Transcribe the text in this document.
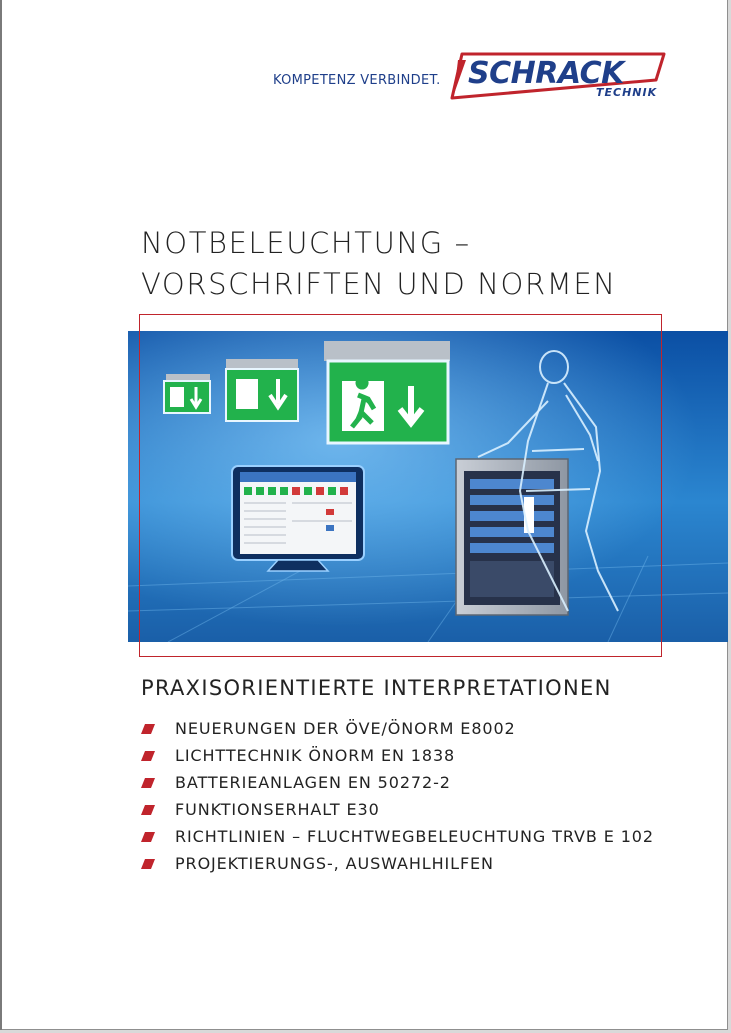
KOMPETENZ VERBINDET. SCHRACK
TECHNIK
NOTBELEUCHTUNG –
VORSCHRIFTEN UND NORMEN
PRAXISORIENTIERTE INTERPRETATIONEN
NEUERUNGEN DER ÖVE/ÖNORM E8002
LICHTTECHNIK ÖNORM EN 1838
BATTERIEANLAGEN EN 50272-2
FUNKTIONSERHALT E30
RICHTLINIEN – FLUCHTWEGBELEUCHTUNG TRVB E 102
PROJEKTIERUNGS-, AUSWAHLHILFEN
